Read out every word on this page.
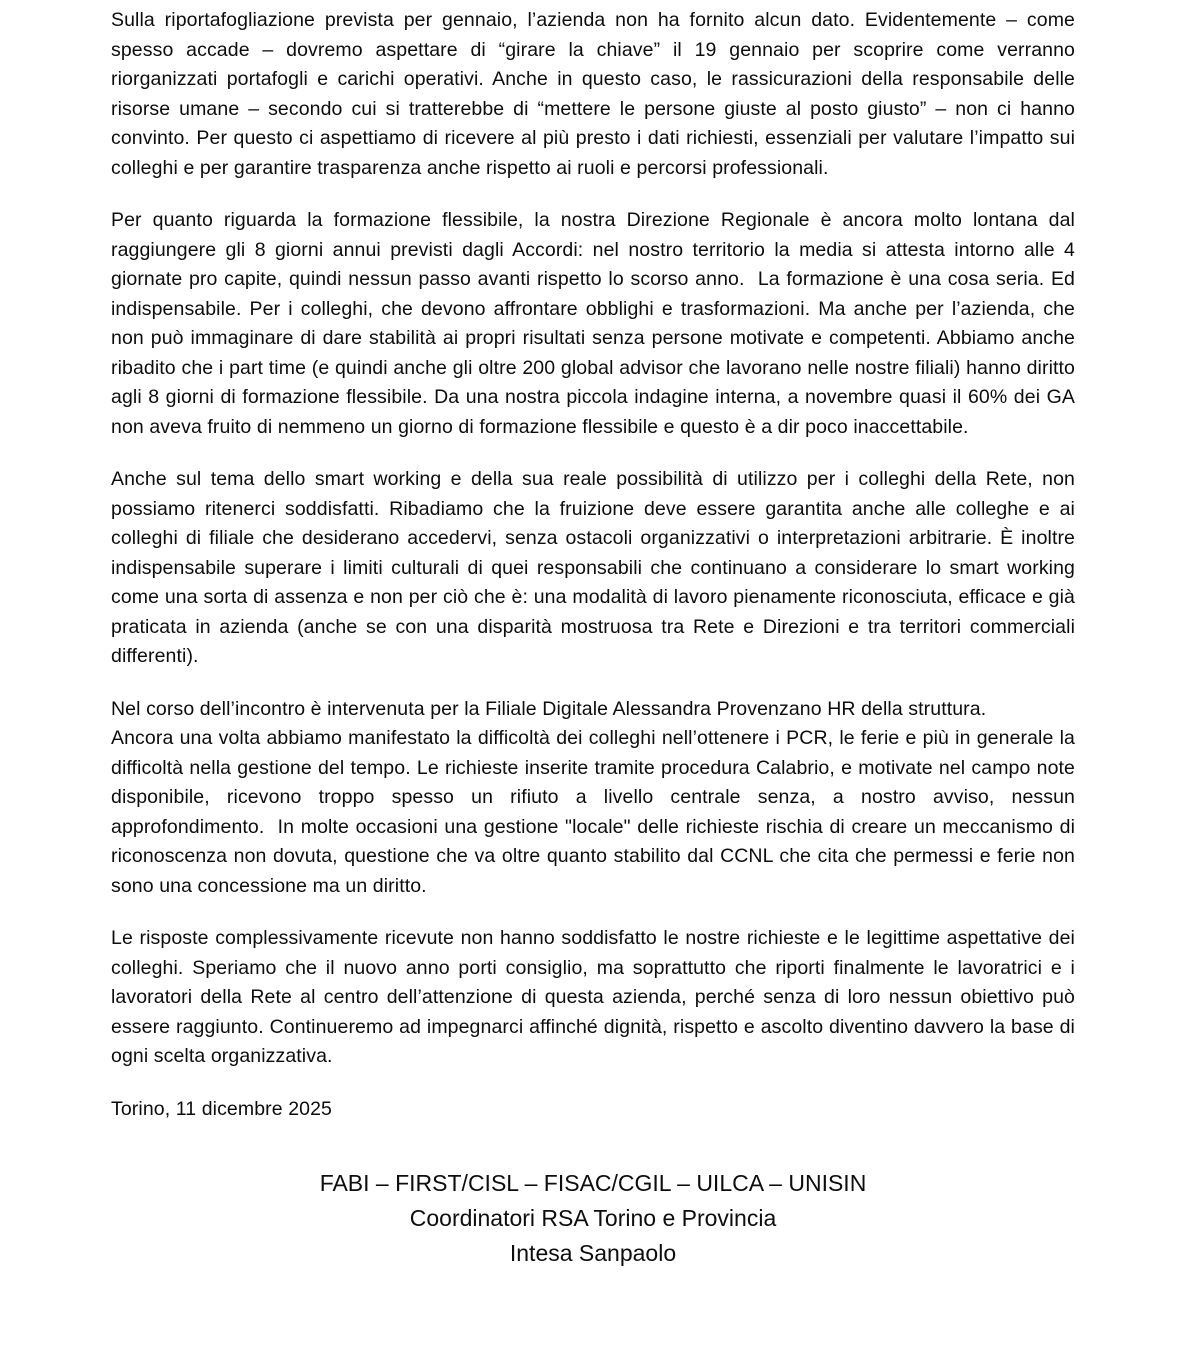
Sulla riportafogliazione prevista per gennaio, l’azienda non ha fornito alcun dato. Evidentemente – come spesso accade – dovremo aspettare di “girare la chiave” il 19 gennaio per scoprire come verranno riorganizzati portafogli e carichi operativi. Anche in questo caso, le rassicurazioni della responsabile delle risorse umane – secondo cui si tratterebbe di “mettere le persone giuste al posto giusto” – non ci hanno convinto. Per questo ci aspettiamo di ricevere al più presto i dati richiesti, essenziali per valutare l’impatto sui colleghi e per garantire trasparenza anche rispetto ai ruoli e percorsi professionali.

Per quanto riguarda la formazione flessibile, la nostra Direzione Regionale è ancora molto lontana dal raggiungere gli 8 giorni annui previsti dagli Accordi: nel nostro territorio la media si attesta intorno alle 4 giornate pro capite, quindi nessun passo avanti rispetto lo scorso anno.  La formazione è una cosa seria. Ed indispensabile. Per i colleghi, che devono affrontare obblighi e trasformazioni. Ma anche per l’azienda, che non può immaginare di dare stabilità ai propri risultati senza persone motivate e competenti. Abbiamo anche ribadito che i part time (e quindi anche gli oltre 200 global advisor che lavorano nelle nostre filiali) hanno diritto agli 8 giorni di formazione flessibile. Da una nostra piccola indagine interna, a novembre quasi il 60% dei GA non aveva fruito di nemmeno un giorno di formazione flessibile e questo è a dir poco inaccettabile.

Anche sul tema dello smart working e della sua reale possibilità di utilizzo per i colleghi della Rete, non possiamo ritenerci soddisfatti. Ribadiamo che la fruizione deve essere garantita anche alle colleghe e ai colleghi di filiale che desiderano accedervi, senza ostacoli organizzativi o interpretazioni arbitrarie. È inoltre indispensabile superare i limiti culturali di quei responsabili che continuano a considerare lo smart working come una sorta di assenza e non per ciò che è: una modalità di lavoro pienamente riconosciuta, efficace e già praticata in azienda (anche se con una disparità mostruosa tra Rete e Direzioni e tra territori commerciali differenti).

Nel corso dell’incontro è intervenuta per la Filiale Digitale Alessandra Provenzano HR della struttura.
Ancora una volta abbiamo manifestato la difficoltà dei colleghi nell’ottenere i PCR, le ferie e più in generale la difficoltà nella gestione del tempo. Le richieste inserite tramite procedura Calabrio, e motivate nel campo note disponibile, ricevono troppo spesso un rifiuto a livello centrale senza, a nostro avviso, nessun approfondimento.  In molte occasioni una gestione "locale" delle richieste rischia di creare un meccanismo di riconoscenza non dovuta, questione che va oltre quanto stabilito dal CCNL che cita che permessi e ferie non sono una concessione ma un diritto.

Le risposte complessivamente ricevute non hanno soddisfatto le nostre richieste e le legittime aspettative dei colleghi. Speriamo che il nuovo anno porti consiglio, ma soprattutto che riporti finalmente le lavoratrici e i lavoratori della Rete al centro dell’attenzione di questa azienda, perché senza di loro nessun obiettivo può essere raggiunto. Continueremo ad impegnarci affinché dignità, rispetto e ascolto diventino davvero la base di ogni scelta organizzativa.

Torino, 11 dicembre 2025

FABI – FIRST/CISL – FISAC/CGIL – UILCA – UNISIN
Coordinatori RSA Torino e Provincia
Intesa Sanpaolo
